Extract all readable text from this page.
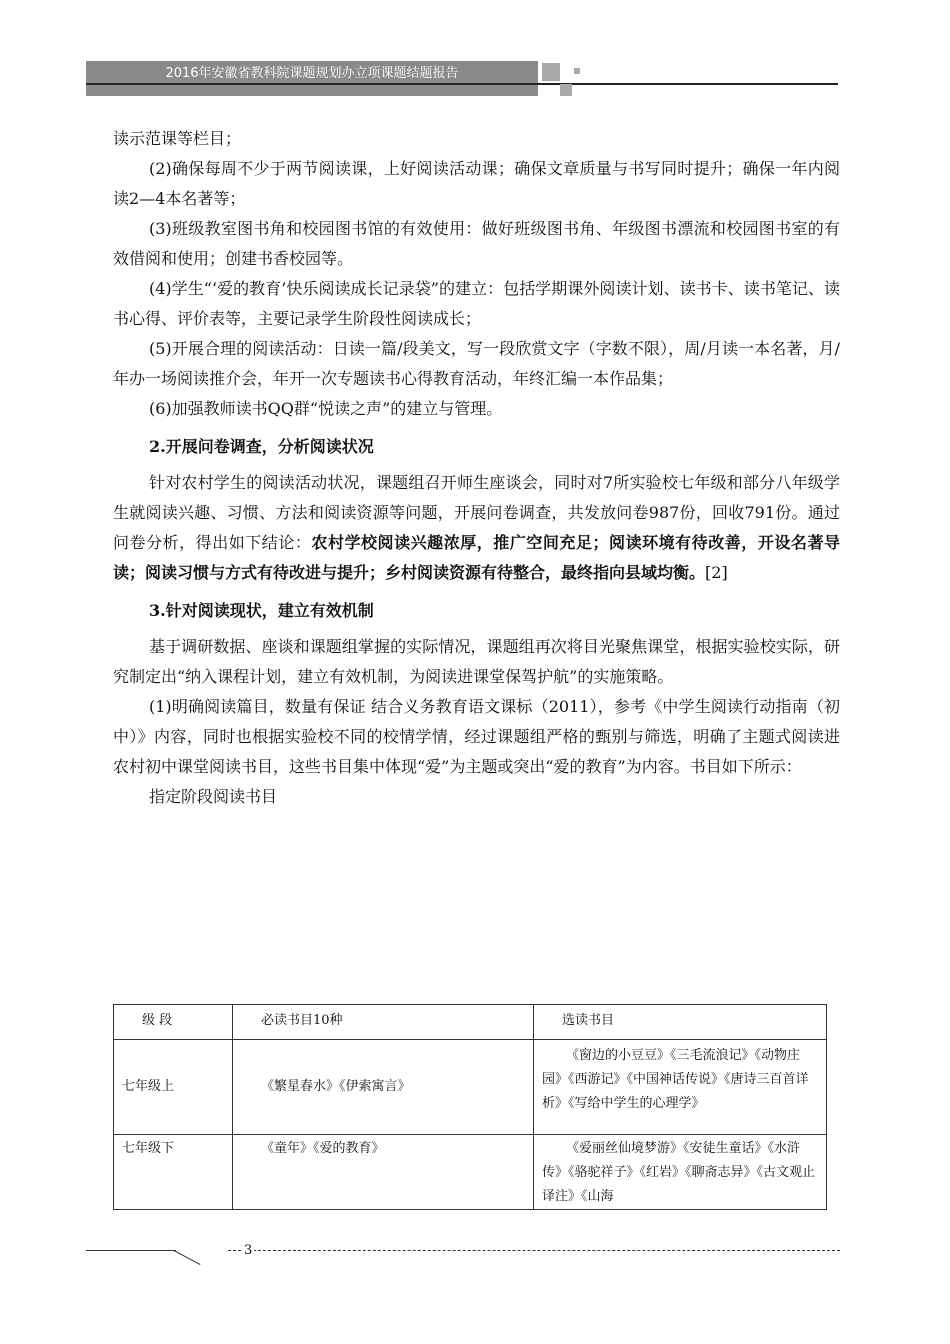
2016年安徽省教科院课题规划办立项课题结题报告

读示范课等栏目；

(2)确保每周不少于两节阅读课，上好阅读活动课；确保文章质量与书写同时提升；确保一年内阅读2—4本名著等；

(3)班级教室图书角和校园图书馆的有效使用：做好班级图书角、年级图书漂流和校园图书室的有效借阅和使用；创建书香校园等。

(4)学生“‘爱的教育’快乐阅读成长记录袋”的建立：包括学期课外阅读计划、读书卡、读书笔记、读书心得、评价表等，主要记录学生阶段性阅读成长；

(5)开展合理的阅读活动：日读一篇/段美文，写一段欣赏文字（字数不限），周/月读一本名著，月/年办一场阅读推介会，年开一次专题读书心得教育活动，年终汇编一本作品集；

(6)加强教师读书QQ群“悦读之声”的建立与管理。

2.开展问卷调查，分析阅读状况

针对农村学生的阅读活动状况，课题组召开师生座谈会，同时对7所实验校七年级和部分八年级学生就阅读兴趣、习惯、方法和阅读资源等问题，开展问卷调查，共发放问卷987份，回收791份。通过问卷分析，得出如下结论：农村学校阅读兴趣浓厚，推广空间充足；阅读环境有待改善，开设名著导读；阅读习惯与方式有待改进与提升；乡村阅读资源有待整合，最终指向县域均衡。[2]

3.针对阅读现状，建立有效机制

基于调研数据、座谈和课题组掌握的实际情况，课题组再次将目光聚焦课堂，根据实验校实际，研究制定出“纳入课程计划，建立有效机制，为阅读进课堂保驾护航”的实施策略。

(1)明确阅读篇目，数量有保证 结合义务教育语文课标（2011），参考《中学生阅读行动指南（初中）》内容，同时也根据实验校不同的校情学情，经过课题组严格的甄别与筛选，明确了主题式阅读进农村初中课堂阅读书目，这些书目集中体现“爱”为主题或突出“爱的教育”为内容。书目如下所示：

指定阶段阅读书目

级 段	必读书目10种	选读书目
七年级上	《繁星春水》《伊索寓言》	《窗边的小豆豆》《三毛流浪记》《动物庄园》《西游记》《中国神话传说》《唐诗三百首详析》《写给中学生的心理学》
七年级下	《童年》《爱的教育》	《爱丽丝仙境梦游》《安徒生童话》《水浒传》《骆驼祥子》《红岩》《聊斋志异》《古文观止译注》《山海
3
